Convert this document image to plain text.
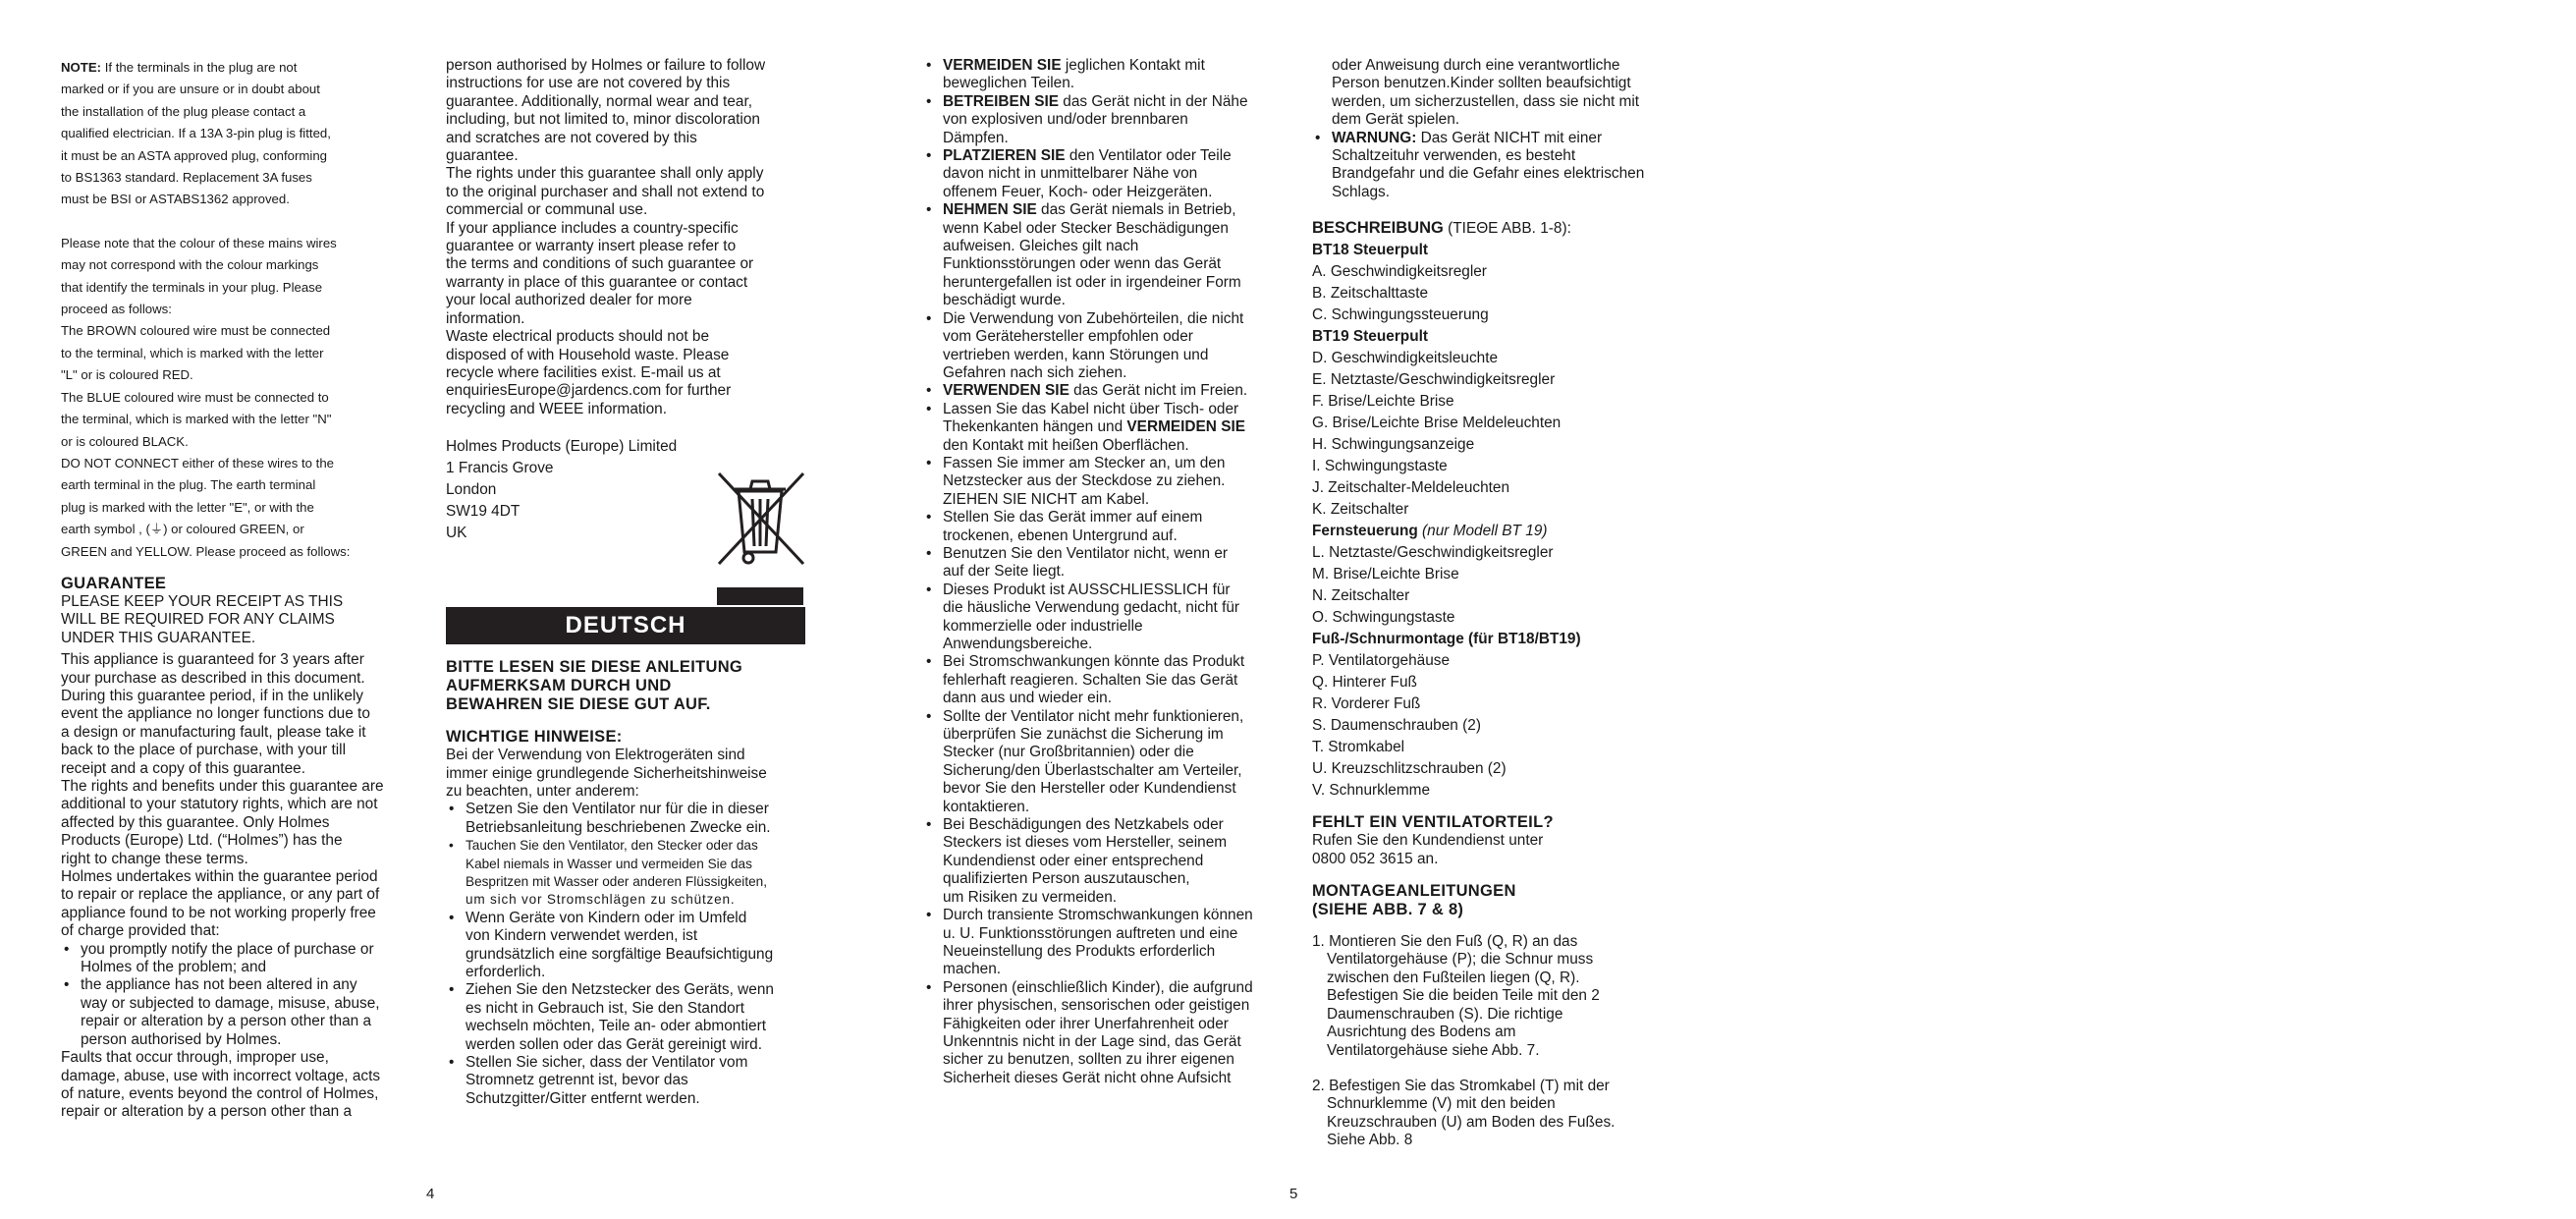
NOTE: If the terminals in the plug are not

marked or if you are unsure or in doubt about

the installation of the plug please contact a

qualified electrician. If a 13A 3-pin plug is fitted,

it must be an ASTA approved plug, conforming

to BS1363 standard. Replacement 3A fuses

must be BSI or ASTABS1362 approved.

Please note that the colour of these mains wires

may not correspond with the colour markings

that identify the terminals in your plug. Please

proceed as follows:

The BROWN coloured wire must be connected

to the terminal, which is marked with the letter

"L" or is coloured RED.

The BLUE coloured wire must be connected to

the terminal, which is marked with the letter "N"

or is coloured BLACK.

DO NOT CONNECT either of these wires to the

earth terminal in the plug. The earth terminal

plug is marked with the letter "E", or with the

earth symbol , (⏚) or coloured GREEN, or

GREEN and YELLOW. Please proceed as follows:

GUARANTEE

PLEASE KEEP YOUR RECEIPT AS THIS

WILL BE REQUIRED FOR ANY CLAIMS

UNDER THIS GUARANTEE.

This appliance is guaranteed for 3 years after

your purchase as described in this document.

During this guarantee period, if in the unlikely

event the appliance no longer functions due to

a design or manufacturing fault, please take it

back to the place of purchase, with your till

receipt and a copy of this guarantee.

The rights and benefits under this guarantee are

additional to your statutory rights, which are not

affected by this guarantee. Only Holmes

Products (Europe) Ltd. (“Holmes”) has the

right to change these terms.

Holmes undertakes within the guarantee period

to repair or replace the appliance, or any part of

appliance found to be not working properly free

of charge provided that:

• you promptly notify the place of purchase or

Holmes of the problem; and

• the appliance has not been altered in any

way or subjected to damage, misuse, abuse,

repair or alteration by a person other than a

person authorised by Holmes.

Faults that occur through, improper use,

damage, abuse, use with incorrect voltage, acts

of nature, events beyond the control of Holmes,

repair or alteration by a person other than a

person authorised by Holmes or failure to follow

instructions for use are not covered by this

guarantee. Additionally, normal wear and tear,

including, but not limited to, minor discoloration

and scratches are not covered by this

guarantee.

The rights under this guarantee shall only apply

to the original purchaser and shall not extend to

commercial or communal use.

If your appliance includes a country-specific

guarantee or warranty insert please refer to

the terms and conditions of such guarantee or

warranty in place of this guarantee or contact

your local authorized dealer for more

information.

Waste electrical products should not be

disposed of with Household waste. Please

recycle where facilities exist. E-mail us at

enquiriesEurope@jardencs.com for further

recycling and WEEE information.

Holmes Products (Europe) Limited

1 Francis Grove

London

SW19 4DT

UK

DEUTSCH

BITTE LESEN SIE DIESE ANLEITUNG

AUFMERKSAM DURCH UND

BEWAHREN SIE DIESE GUT AUF.

WICHTIGE HINWEISE:

Bei der Verwendung von Elektrogeräten sind

immer einige grundlegende Sicherheitshinweise

zu beachten, unter anderem:

• Setzen Sie den Ventilator nur für die in dieser

Betriebsanleitung beschriebenen Zwecke ein.

• Tauchen Sie den Ventilator, den Stecker oder das

Kabel niemals in Wasser und vermeiden Sie das

Bespritzen mit Wasser oder anderen Flüssigkeiten,

um sich vor Stromschlägen zu schützen.

• Wenn Geräte von Kindern oder im Umfeld

von Kindern verwendet werden, ist

grundsätzlich eine sorgfältige Beaufsichtigung

erforderlich.

• Ziehen Sie den Netzstecker des Geräts, wenn

es nicht in Gebrauch ist, Sie den Standort

wechseln möchten, Teile an- oder abmontiert

werden sollen oder das Gerät gereinigt wird.

• Stellen Sie sicher, dass der Ventilator vom

Stromnetz getrennt ist, bevor das

Schutzgitter/Gitter entfernt werden.

• VERMEIDEN SIE jeglichen Kontakt mit

beweglichen Teilen.

• BETREIBEN SIE das Gerät nicht in der Nähe

von explosiven und/oder brennbaren

Dämpfen.

• PLATZIEREN SIE den Ventilator oder Teile

davon nicht in unmittelbarer Nähe von

offenem Feuer, Koch- oder Heizgeräten.

• NEHMEN SIE das Gerät niemals in Betrieb,

wenn Kabel oder Stecker Beschädigungen

aufweisen. Gleiches gilt nach

Funktionsstörungen oder wenn das Gerät

heruntergefallen ist oder in irgendeiner Form

beschädigt wurde.

• Die Verwendung von Zubehörteilen, die nicht

vom Gerätehersteller empfohlen oder

vertrieben werden, kann Störungen und

Gefahren nach sich ziehen.

• VERWENDEN SIE das Gerät nicht im Freien.

• Lassen Sie das Kabel nicht über Tisch- oder

Thekenkanten hängen und VERMEIDEN SIE

den Kontakt mit heißen Oberflächen.

• Fassen Sie immer am Stecker an, um den

Netzstecker aus der Steckdose zu ziehen.

ZIEHEN SIE NICHT am Kabel.

• Stellen Sie das Gerät immer auf einem

trockenen, ebenen Untergrund auf.

• Benutzen Sie den Ventilator nicht, wenn er

auf der Seite liegt.

• Dieses Produkt ist AUSSCHLIESSLICH für

die häusliche Verwendung gedacht, nicht für

kommerzielle oder industrielle

Anwendungsbereiche.

• Bei Stromschwankungen könnte das Produkt

fehlerhaft reagieren. Schalten Sie das Gerät

dann aus und wieder ein.

• Sollte der Ventilator nicht mehr funktionieren,

überprüfen Sie zunächst die Sicherung im

Stecker (nur Großbritannien) oder die

Sicherung/den Überlastschalter am Verteiler,

bevor Sie den Hersteller oder Kundendienst

kontaktieren.

• Bei Beschädigungen des Netzkabels oder

Steckers ist dieses vom Hersteller, seinem

Kundendienst oder einer entsprechend

qualifizierten Person auszutauschen,

um Risiken zu vermeiden.

• Durch transiente Stromschwankungen können

u. U. Funktionsstörungen auftreten und eine

Neueinstellung des Produkts erforderlich

machen.

• Personen (einschließlich Kinder), die aufgrund

ihrer physischen, sensorischen oder geistigen

Fähigkeiten oder ihrer Unerfahrenheit oder

Unkenntnis nicht in der Lage sind, das Gerät

sicher zu benutzen, sollten zu ihrer eigenen

Sicherheit dieses Gerät nicht ohne Aufsicht

oder Anweisung durch eine verantwortliche

Person benutzen.Kinder sollten beaufsichtigt

werden, um sicherzustellen, dass sie nicht mit

dem Gerät spielen.

• WARNUNG: Das Gerät NICHT mit einer

Schaltzeituhr verwenden, es besteht

Brandgefahr und die Gefahr eines elektrischen

Schlags.

BESCHREIBUNG (TIEΘE ABB. 1-8):

BT18 Steuerpult

A. Geschwindigkeitsregler

B. Zeitschalttaste

C. Schwingungssteuerung

BT19 Steuerpult

D. Geschwindigkeitsleuchte

E. Netztaste/Geschwindigkeitsregler

F. Brise/Leichte Brise

G. Brise/Leichte Brise Meldeleuchten

H. Schwingungsanzeige

I. Schwingungstaste

J. Zeitschalter-Meldeleuchten

K. Zeitschalter

Fernsteuerung (nur Modell BT 19)

L. Netztaste/Geschwindigkeitsregler

M. Brise/Leichte Brise

N. Zeitschalter

O. Schwingungstaste

Fuß-/Schnurmontage (für BT18/BT19)

P. Ventilatorgehäuse

Q. Hinterer Fuß

R. Vorderer Fuß

S. Daumenschrauben (2)

T. Stromkabel

U. Kreuzschlitzschrauben (2)

V. Schnurklemme

FEHLT EIN VENTILATORTEIL?

Rufen Sie den Kundendienst unter

0800 052 3615 an.

MONTAGEANLEITUNGEN

(SIEHE ABB. 7 & 8)

1. Montieren Sie den Fuß (Q, R) an das

Ventilatorgehäuse (P); die Schnur muss

zwischen den Fußteilen liegen (Q, R).

Befestigen Sie die beiden Teile mit den 2

Daumenschrauben (S). Die richtige

Ausrichtung des Bodens am

Ventilatorgehäuse siehe Abb. 7.

2. Befestigen Sie das Stromkabel (T) mit der

Schnurklemme (V) mit den beiden

Kreuzschrauben (U) am Boden des Fußes.

Siehe Abb. 8

4	5
